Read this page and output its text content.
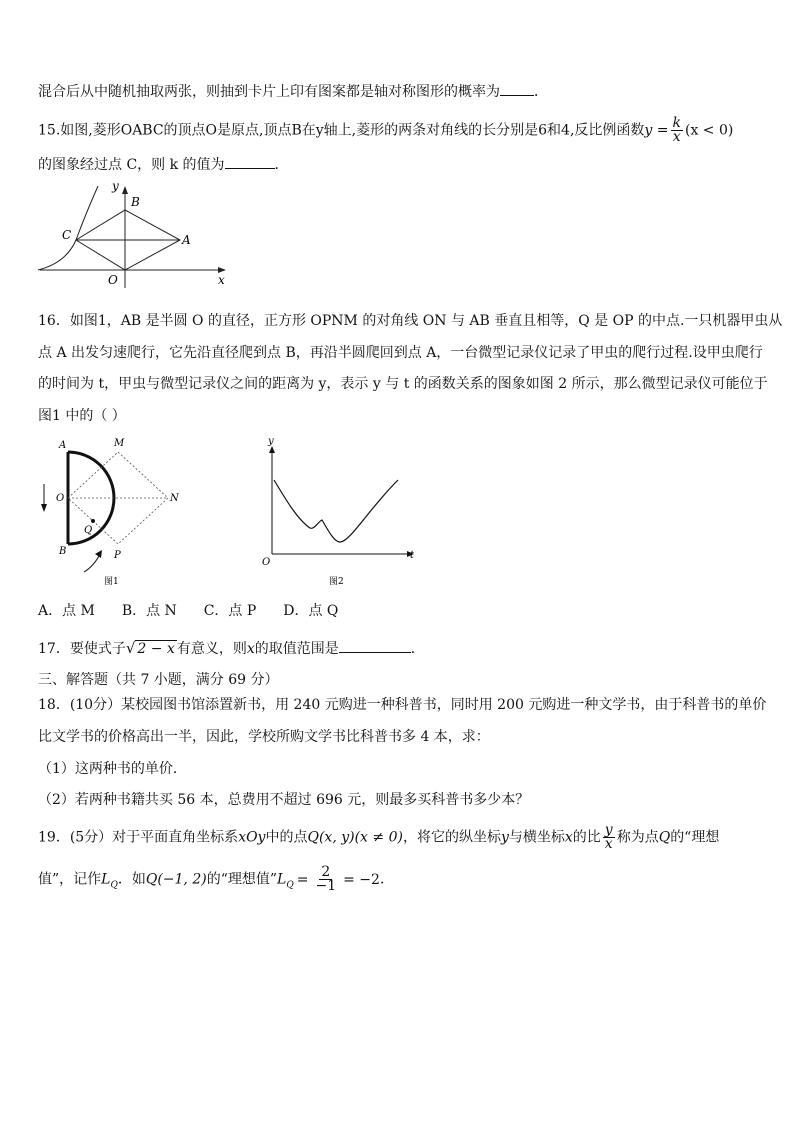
混合后从中随机抽取两张，则抽到卡片上印有图案都是轴对称图形的概率为 ．
15.如图,菱形OABC的顶点O是原点,顶点B在y轴上,菱形的两条对角线的长分别是6和4,反比例函数$y = \frac{k}{x} (x < 0)$
的图象经过点 C，则 k 的值为	．
y
B
C	A
O	x
16．如图1，AB 是半圆 O 的直径，正方形 OPNM 的对角线 ON 与 AB 垂直且相等，Q 是 OP 的中点.一只机器甲虫从
点 A 出发匀速爬行，它先沿直径爬到点 B，再沿半圆爬回到点 A，一台微型记录仪记录了甲虫的爬行过程.设甲虫爬行
的时间为 t，甲虫与微型记录仪之间的距离为 y，表示 y 与 t 的函数关系的图象如图 2 所示，那么微型记录仪可能位于
图1 中的（ ）
A	M
O	N
Q
B	P
图1
y
O
t
图2
A．点 M B．点 N C．点 P D．点 Q
17．要使式子√ 2 − x 有意义，则x的取值范围是	．
三、解答题（共 7 小题，满分 69 分）
18．(10分）某校园图书馆添置新书，用 240 元购进一种科普书，同时用 200 元购进一种文学书，由于科普书的单价
比文学书的价格高出一半，因此，学校所购文学书比科普书多 4 本，求：
（1）这两种书的单价．
（2）若两种书籍共买 56 本，总费用不超过 696 元，则最多买科普书多少本？
19．(5分）对于平面直角坐标系xOy中的点Q(x, y)(x ≠ 0)，将它的纵坐标y与横坐标x的比 $\frac{y}{x}$ 称为点Q的“理想
值”，记作$L_Q$．如Q(−1, 2)的“理想值$”L_Q = \frac{2}{-1} = -2$．
